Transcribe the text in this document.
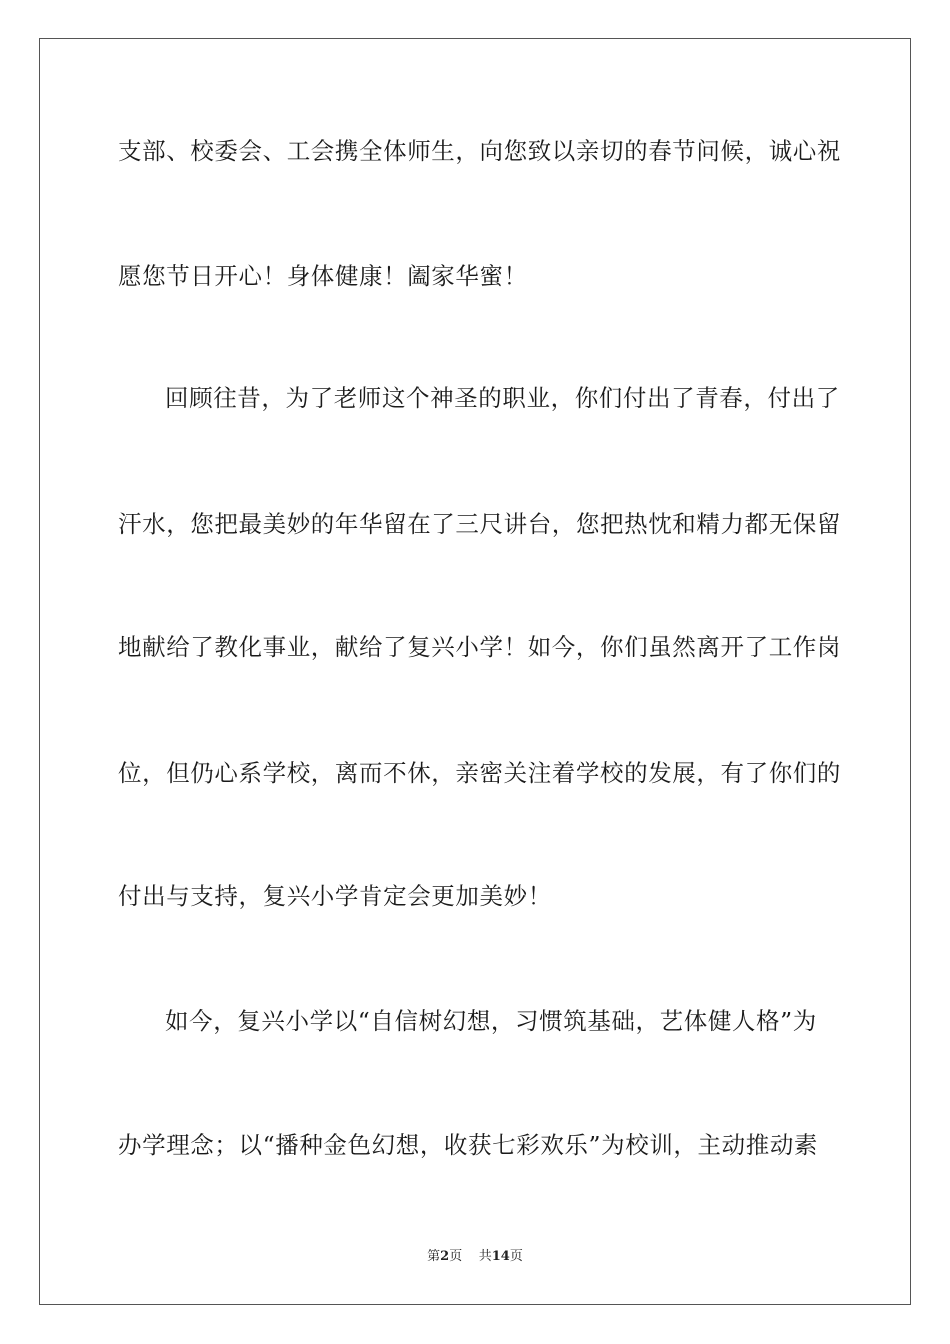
支部、校委会、工会携全体师生，向您致以亲切的春节问候，诚心祝
愿您节日开心！身体健康！阖家华蜜！
回顾往昔，为了老师这个神圣的职业，你们付出了青春，付出了
汗水，您把最美妙的年华留在了三尺讲台，您把热忱和精力都无保留
地献给了教化事业，献给了复兴小学！如今，你们虽然离开了工作岗
位，但仍心系学校，离而不休，亲密关注着学校的发展，有了你们的
付出与支持，复兴小学肯定会更加美妙！
如今，复兴小学以“自信树幻想，习惯筑基础，艺体健人格”为
办学理念；以“播种金色幻想，收获七彩欢乐”为校训，主动推动素
第2页 共14页
